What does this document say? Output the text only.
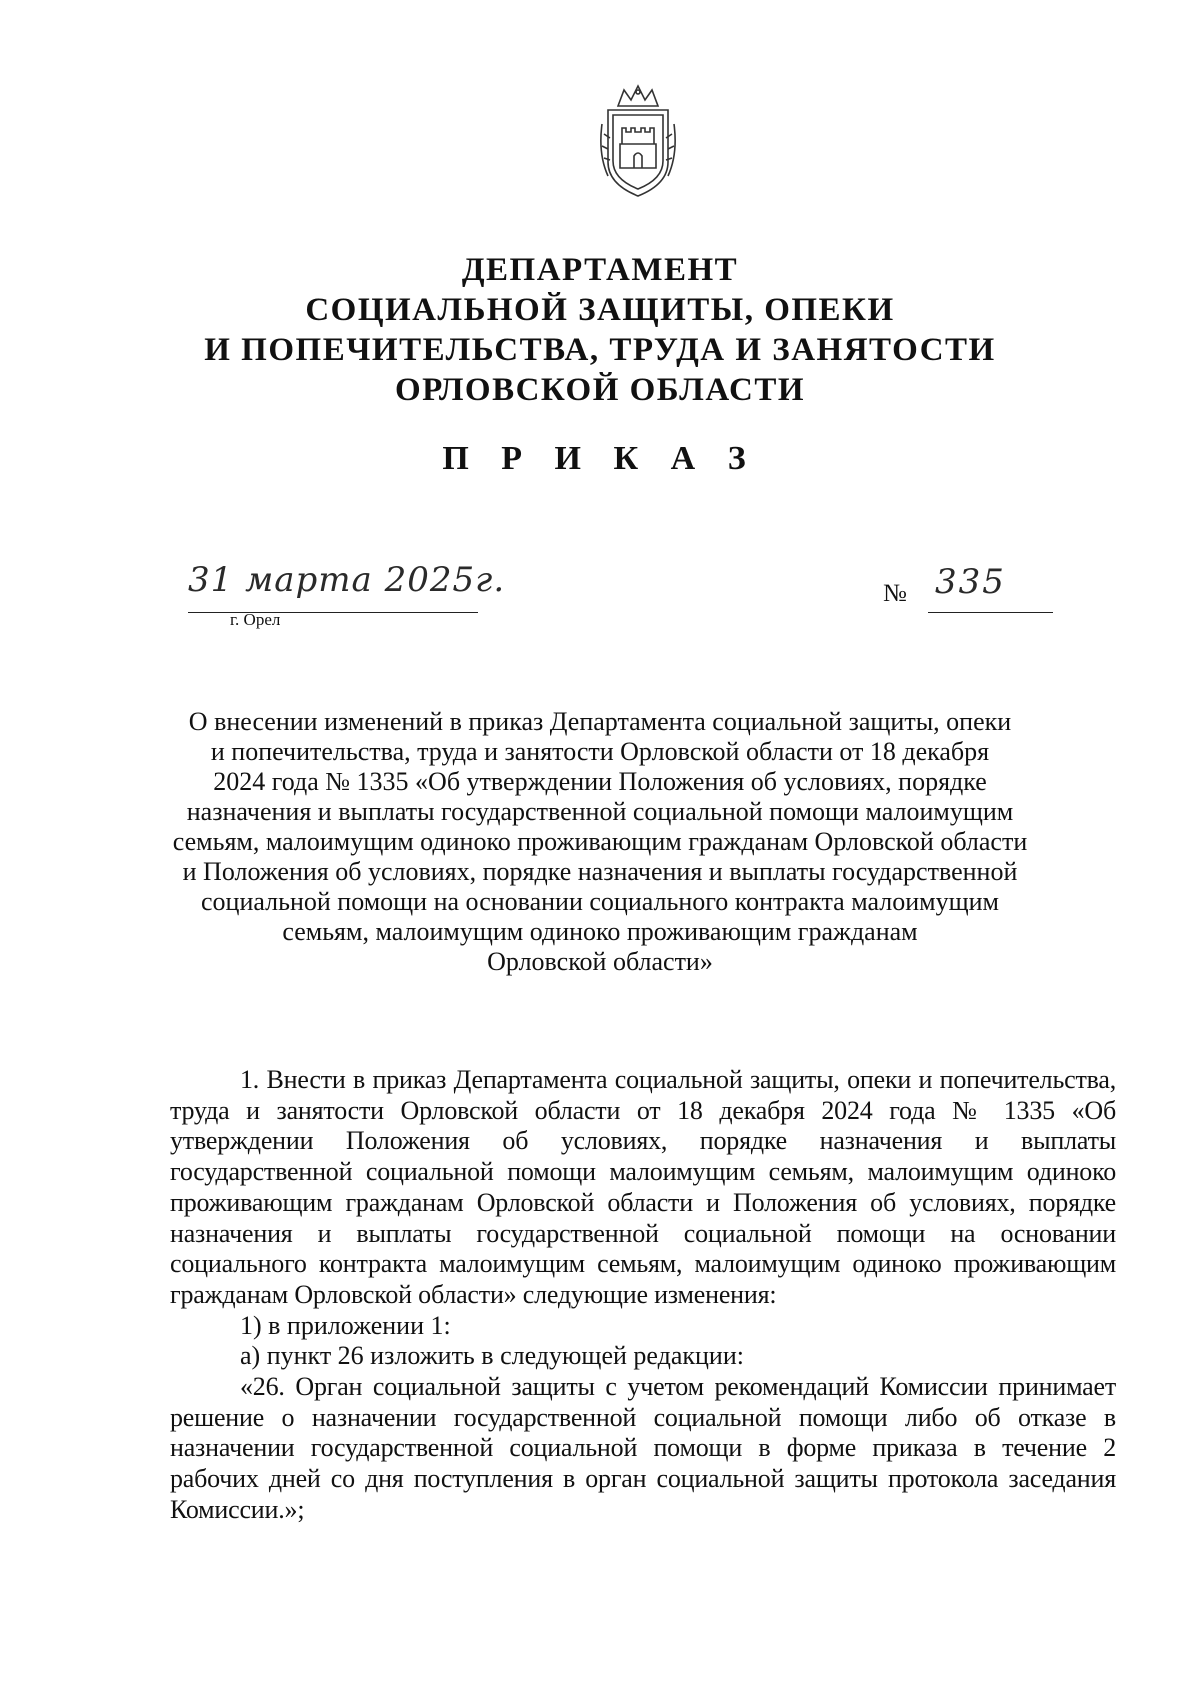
ДЕПАРТАМЕНТ
СОЦИАЛЬНОЙ ЗАЩИТЫ, ОПЕКИ
И ПОПЕЧИТЕЛЬСТВА, ТРУДА И ЗАНЯТОСТИ
ОРЛОВСКОЙ ОБЛАСТИ
П Р И К А З
31 марта 2025г.
г. Орел
№ 335
О внесении изменений в приказ Департамента социальной защиты, опеки
и попечительства, труда и занятости Орловской области от 18 декабря
2024 года № 1335 «Об утверждении Положения об условиях, порядке
назначения и выплаты государственной социальной помощи малоимущим
семьям, малоимущим одиноко проживающим гражданам Орловской области
и Положения об условиях, порядке назначения и выплаты государственной
социальной помощи на основании социального контракта малоимущим
семьям, малоимущим одиноко проживающим гражданам
Орловской области»

1. Внести в приказ Департамента социальной защиты, опеки и попечительства, труда и занятости Орловской области от 18 декабря 2024 года № 1335 «Об утверждении Положения об условиях, порядке назначения и выплаты государственной социальной помощи малоимущим семьям, малоимущим одиноко проживающим гражданам Орловской области и Положения об условиях, порядке назначения и выплаты государственной социальной помощи на основании социального контракта малоимущим семьям, малоимущим одиноко проживающим гражданам Орловской области» следующие изменения:

1) в приложении 1:

а) пункт 26 изложить в следующей редакции:

«26. Орган социальной защиты с учетом рекомендаций Комиссии принимает решение о назначении государственной социальной помощи либо об отказе в назначении государственной социальной помощи в форме приказа в течение 2 рабочих дней со дня поступления в орган социальной защиты протокола заседания Комиссии.»;
